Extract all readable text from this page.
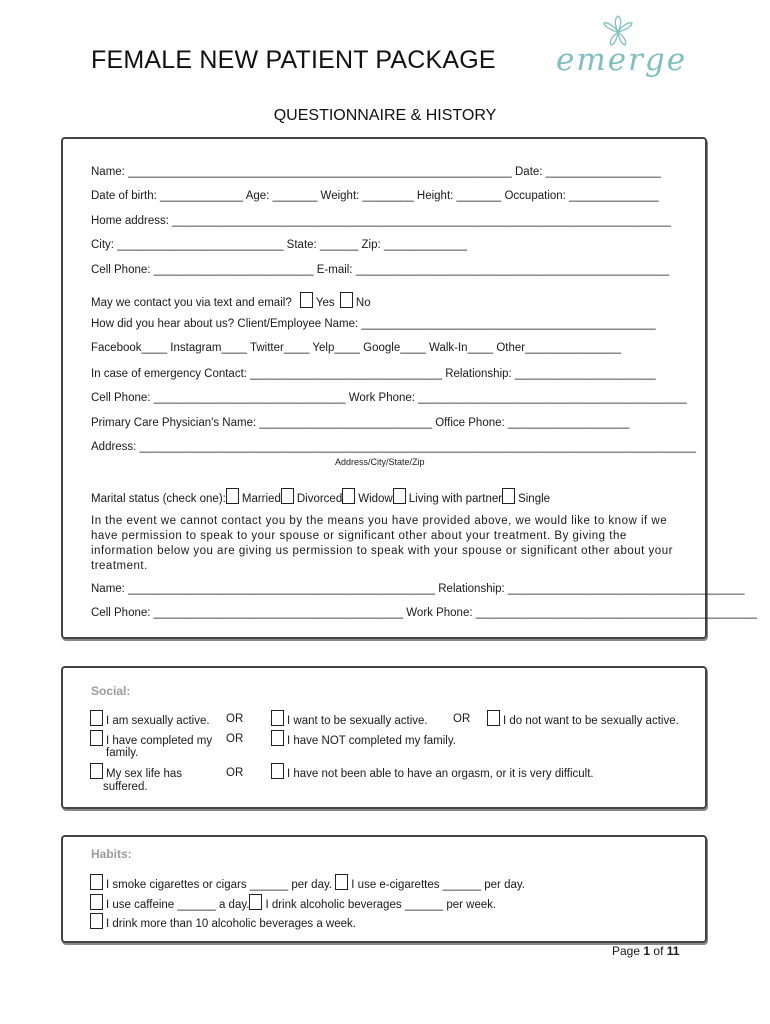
FEMALE NEW PATIENT PACKAGE emerge
QUESTIONNAIRE & HISTORY
Name: ____________________________________________________________ Date: __________________
Date of birth: _____________ Age: _______ Weight: ________ Height: _______ Occupation: ______________
Home address: ______________________________________________________________________________
City: __________________________ State: ______ Zip: _____________
Cell Phone: _________________________ E-mail: _________________________________________________
May we contact you via text and email? Yes No
How did you hear about us? Client/Employee Name: ______________________________________________
Facebook____ Instagram____ Twitter____ Yelp____ Google____ Walk-In____ Other_______________
In case of emergency Contact: ______________________________ Relationship: ______________________
Cell Phone: ______________________________ Work Phone: __________________________________________
Primary Care Physician's Name: ___________________________ Office Phone: ___________________
Address: _______________________________________________________________________________________
Address/City/State/Zip
Marital status (check one): Married Divorced Widow Living with partner Single
In the event we cannot contact you by the means you have provided above, we would like to know if we have permission to speak to your spouse or significant other about your treatment. By giving the information below you are giving us permission to speak with your spouse or significant other about your treatment.
Name: ________________________________________________ Relationship: _____________________________________
Cell Phone: _______________________________________ Work Phone: ____________________________________________
Social:
I am sexually active. OR	I want to be sexually active. OR	I do not want to be sexually active.
I have completed my
family.
OR	I have NOT completed my family.
My sex life has
suffered.
OR	I have not been able to have an orgasm, or it is very difficult.
Habits:
I smoke cigarettes or cigars ______ per day. I use e-cigarettes ______ per day.
I use caffeine ______ a day. I drink alcoholic beverages ______ per week.
I drink more than 10 alcoholic beverages a week.
Page 1 of 11
